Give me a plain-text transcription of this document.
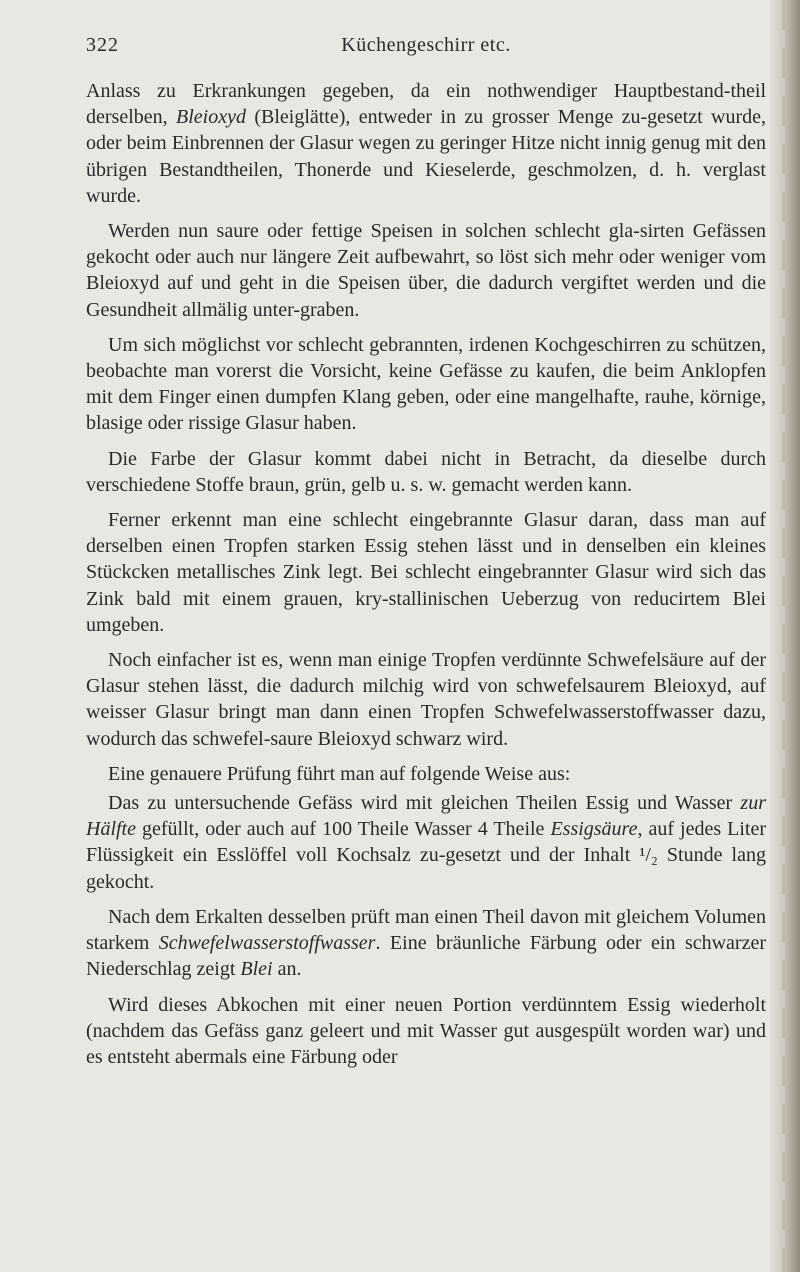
322	Küchengeschirr etc.

Anlass zu Erkrankungen gegeben, da ein nothwendiger Hauptbestand-theil derselben, Bleioxyd (Bleiglätte), entweder in zu grosser Menge zu-gesetzt wurde, oder beim Einbrennen der Glasur wegen zu geringer Hitze nicht innig genug mit den übrigen Bestandtheilen, Thonerde und Kieselerde, geschmolzen, d. h. verglast wurde.

Werden nun saure oder fettige Speisen in solchen schlecht gla-sirten Gefässen gekocht oder auch nur längere Zeit aufbewahrt, so löst sich mehr oder weniger vom Bleioxyd auf und geht in die Speisen über, die dadurch vergiftet werden und die Gesundheit allmälig unter-graben.

Um sich möglichst vor schlecht gebrannten, irdenen Kochgeschirren zu schützen, beobachte man vorerst die Vorsicht, keine Gefässe zu kaufen, die beim Anklopfen mit dem Finger einen dumpfen Klang geben, oder eine mangelhafte, rauhe, körnige, blasige oder rissige Glasur haben.

Die Farbe der Glasur kommt dabei nicht in Betracht, da dieselbe durch verschiedene Stoffe braun, grün, gelb u. s. w. gemacht werden kann.

Ferner erkennt man eine schlecht eingebrannte Glasur daran, dass man auf derselben einen Tropfen starken Essig stehen lässt und in denselben ein kleines Stückcken metallisches Zink legt. Bei schlecht eingebrannter Glasur wird sich das Zink bald mit einem grauen, kry-stallinischen Ueberzug von reducirtem Blei umgeben.

Noch einfacher ist es, wenn man einige Tropfen verdünnte Schwefelsäure auf der Glasur stehen lässt, die dadurch milchig wird von schwefelsaurem Bleioxyd, auf weisser Glasur bringt man dann einen Tropfen Schwefelwasserstoffwasser dazu, wodurch das schwefel-saure Bleioxyd schwarz wird.

Eine genauere Prüfung führt man auf folgende Weise aus:

Das zu untersuchende Gefäss wird mit gleichen Theilen Essig und Wasser zur Hälfte gefüllt, oder auch auf 100 Theile Wasser 4 Theile Essigsäure, auf jedes Liter Flüssigkeit ein Esslöffel voll Kochsalz zu-gesetzt und der Inhalt ¹/₂ Stunde lang gekocht.

Nach dem Erkalten desselben prüft man einen Theil davon mit gleichem Volumen starkem Schwefelwasserstoffwasser. Eine bräunliche Färbung oder ein schwarzer Niederschlag zeigt Blei an.

Wird dieses Abkochen mit einer neuen Portion verdünntem Essig wiederholt (nachdem das Gefäss ganz geleert und mit Wasser gut ausgespült worden war) und es entsteht abermals eine Färbung oder
